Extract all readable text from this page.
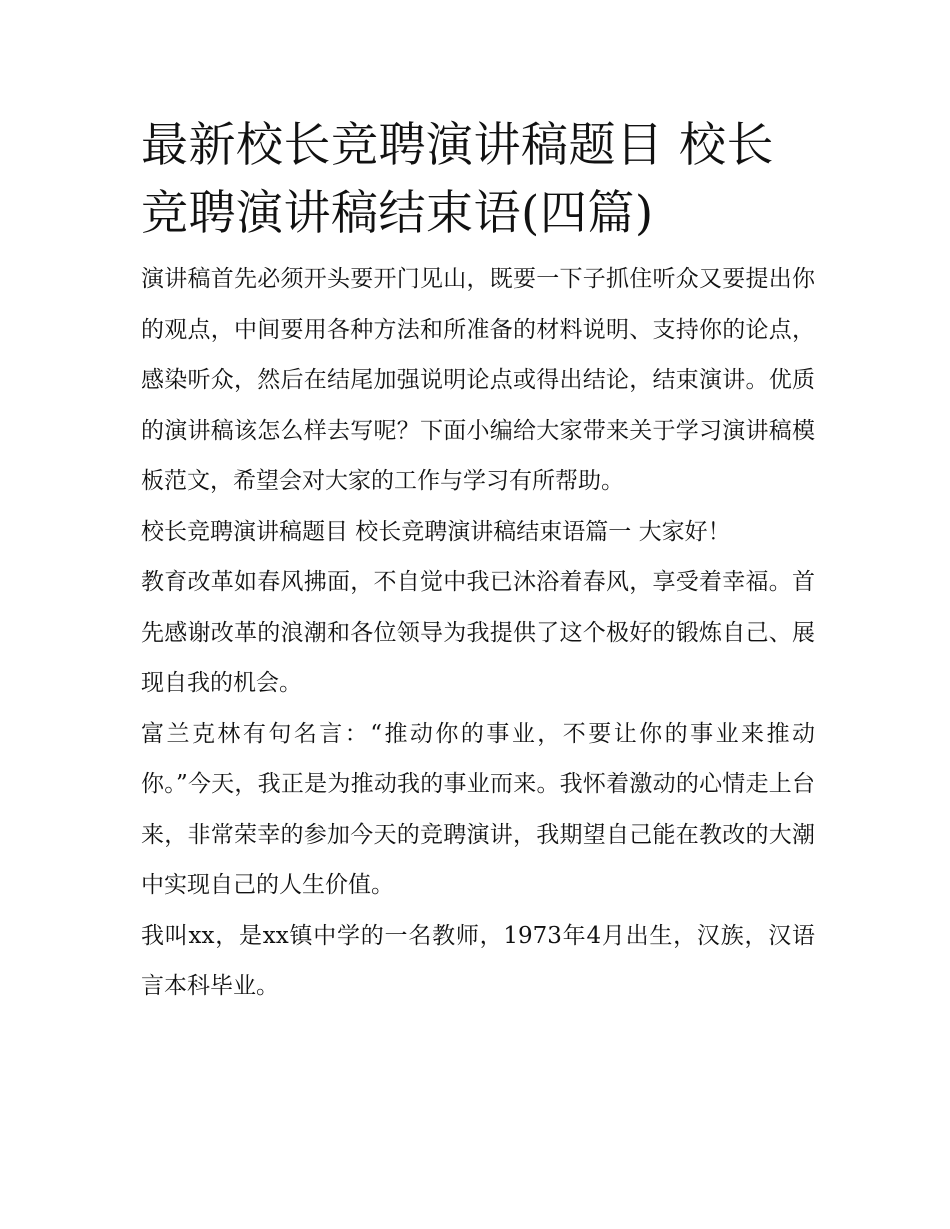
最新校长竞聘演讲稿题目 校长竞聘演讲稿结束语(四篇)

演讲稿首先必须开头要开门见山，既要一下子抓住听众又要提出你的观点，中间要用各种方法和所准备的材料说明、支持你的论点，感染听众，然后在结尾加强说明论点或得出结论，结束演讲。优质的演讲稿该怎么样去写呢？下面小编给大家带来关于学习演讲稿模板范文，希望会对大家的工作与学习有所帮助。

校长竞聘演讲稿题目 校长竞聘演讲稿结束语篇一 大家好！

教育改革如春风拂面，不自觉中我已沐浴着春风，享受着幸福。首先感谢改革的浪潮和各位领导为我提供了这个极好的锻炼自己、展现自我的机会。

富兰克林有句名言：“推动你的事业，不要让你的事业来推动你。”今天，我正是为推动我的事业而来。我怀着激动的心情走上台来，非常荣幸的参加今天的竞聘演讲，我期望自己能在教改的大潮中实现自己的人生价值。

我叫xx，是xx镇中学的一名教师，1973年4月出生，汉族，汉语言本科毕业。
